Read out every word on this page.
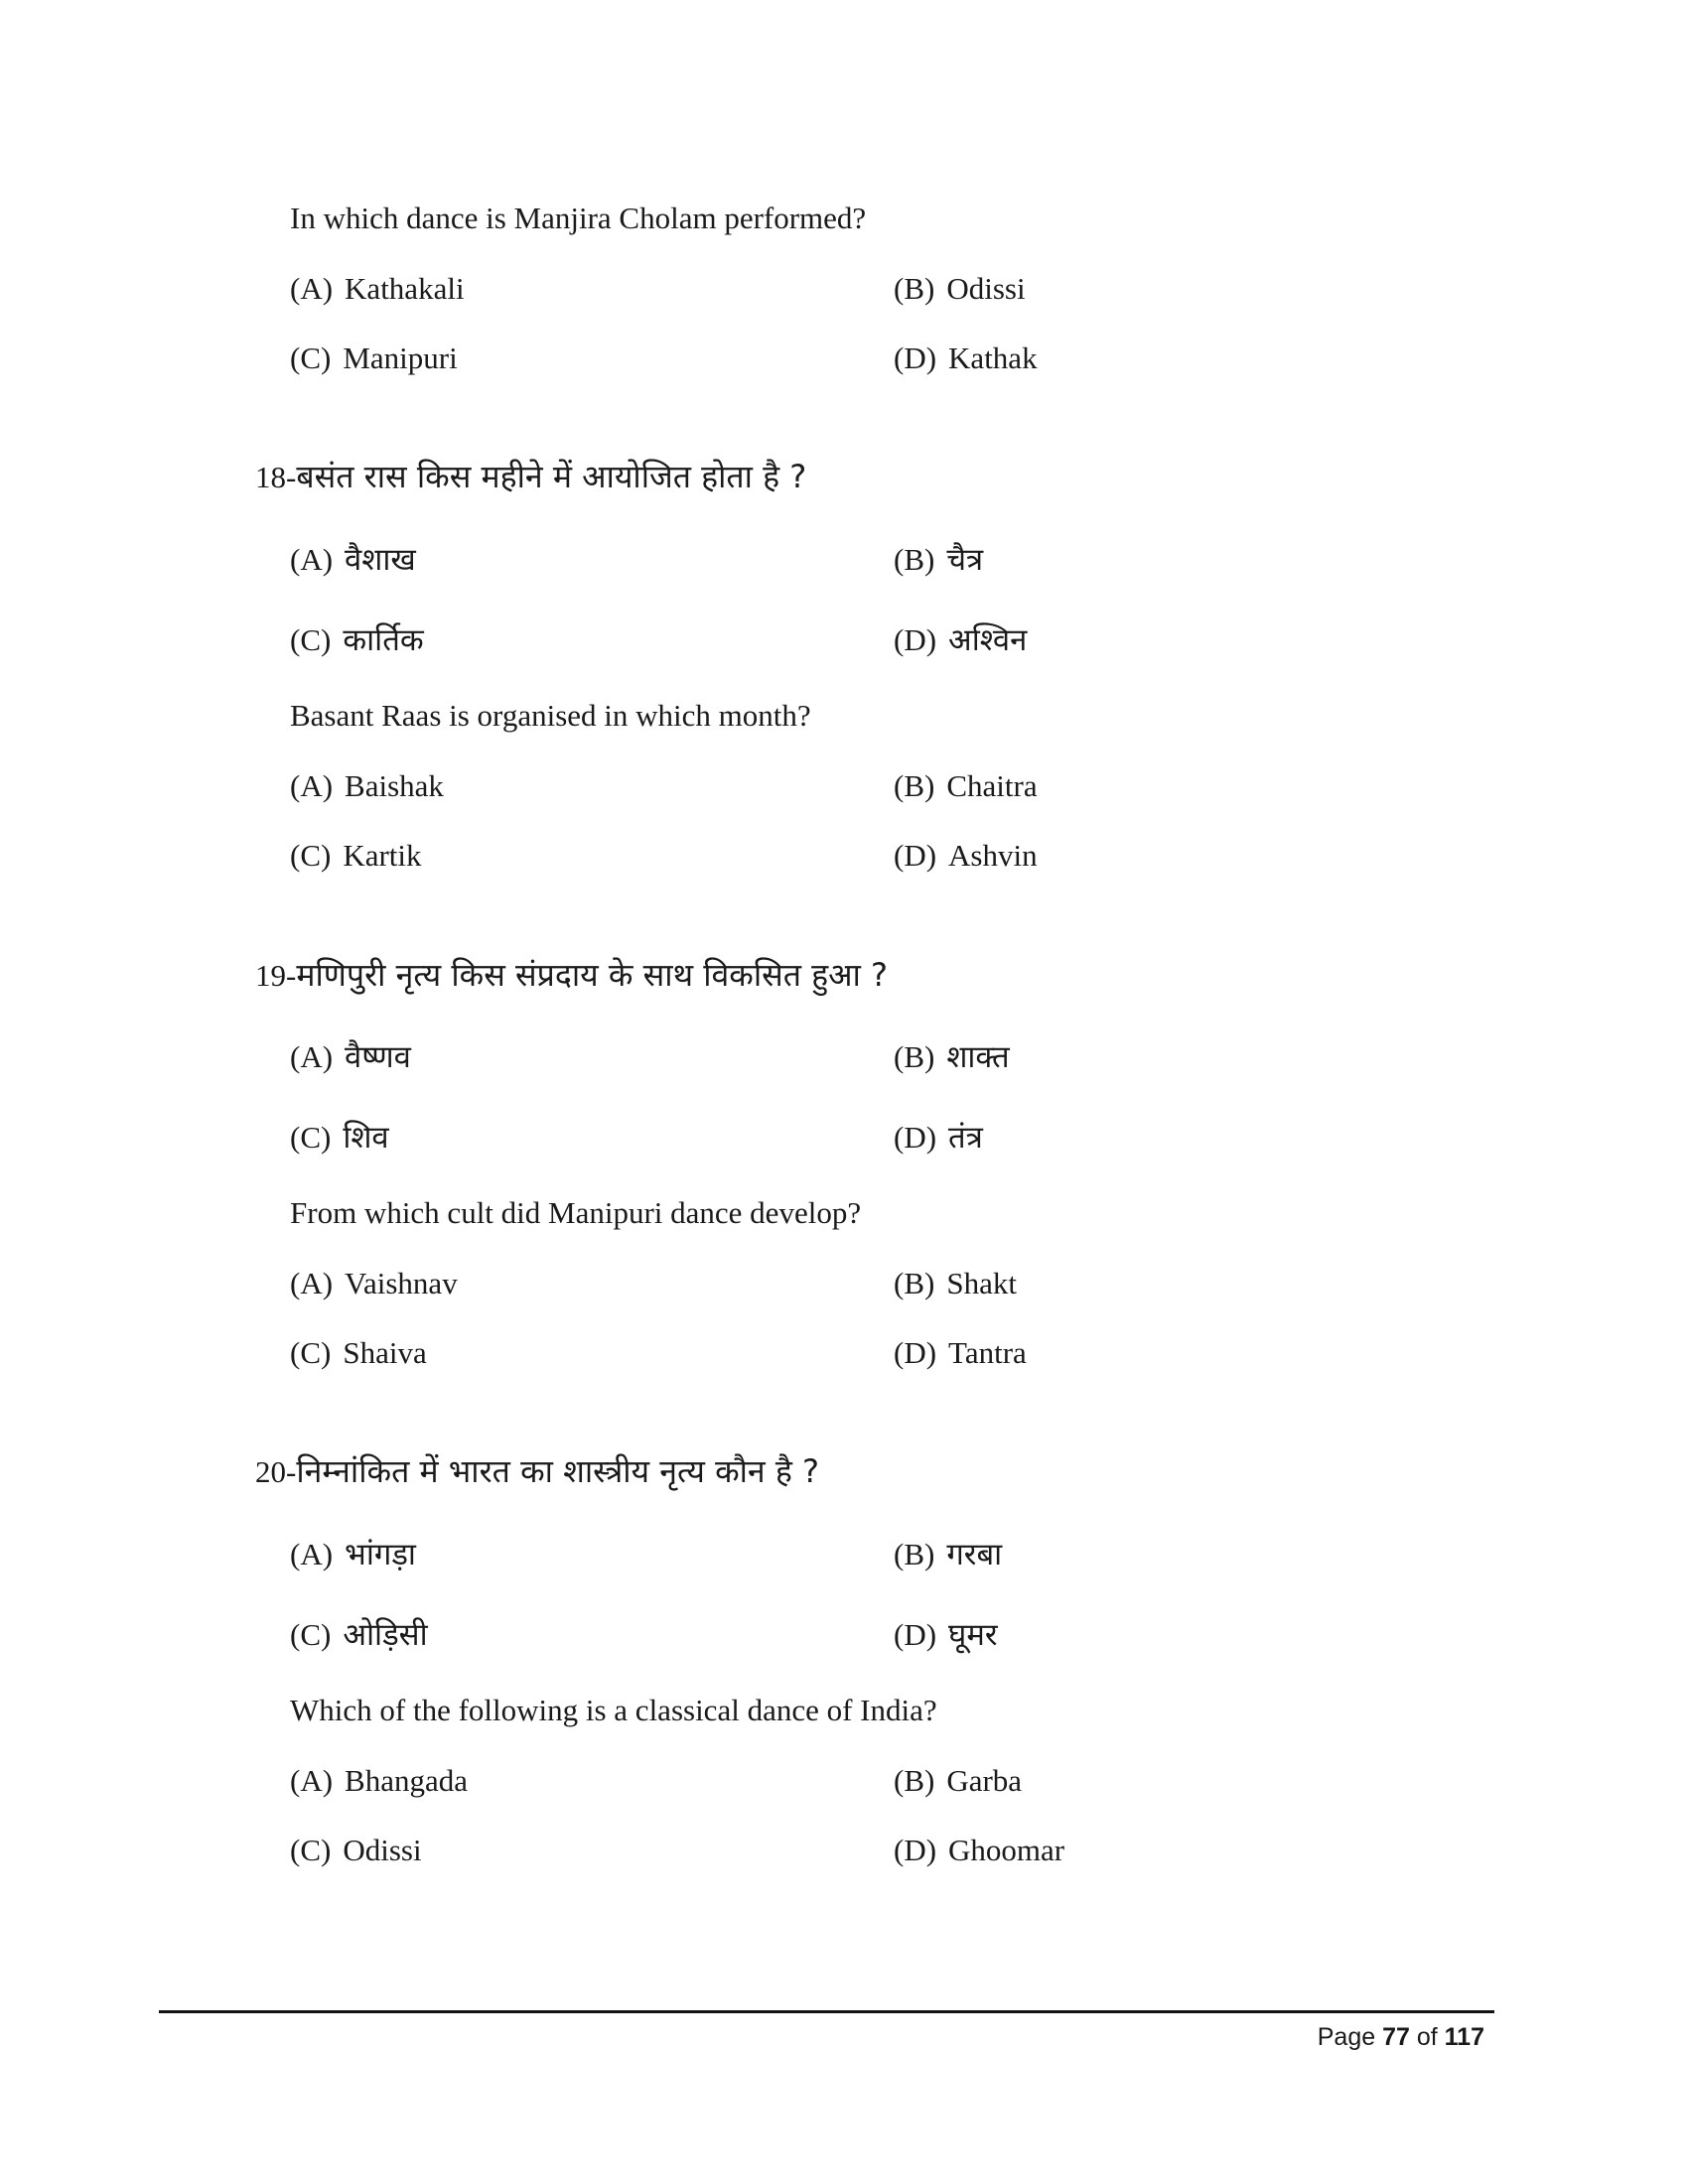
In which dance is Manjira Cholam performed?
(A) Kathakali	(B) Odissi
(C) Manipuri	(D) Kathak
18-बसंत रास किस महीने में आयोजित होता है ?
(A) वैशाख	(B) चैत्र
(C) कार्तिक	(D) अश्विन
Basant Raas is organised in which month?
(A) Baishak	(B) Chaitra
(C) Kartik	(D) Ashvin
19-मणिपुरी नृत्य किस संप्रदाय के साथ विकसित हुआ ?
(A) वैष्णव	(B) शाक्त
(C) शिव	(D) तंत्र
From which cult did Manipuri dance develop?
(A) Vaishnav	(B) Shakt
(C) Shaiva	(D) Tantra
20-निम्नांकित में भारत का शास्त्रीय नृत्य कौन है ?
(A) भांगड़ा	(B) गरबा
(C) ओड़िसी	(D) घूमर
Which of the following is a classical dance of India?
(A) Bhangada	(B) Garba
(C) Odissi	(D) Ghoomar
Page 77 of 117
